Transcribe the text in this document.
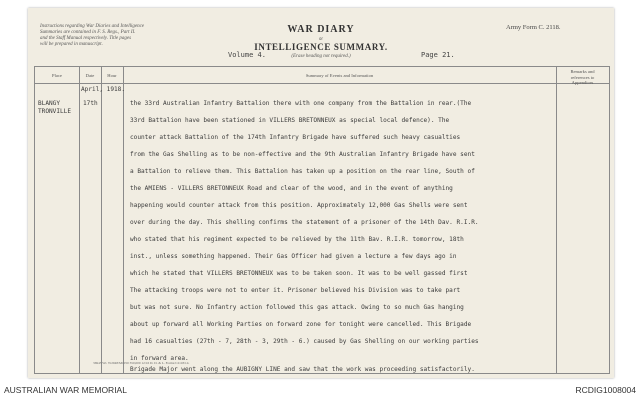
Instructions regarding War Diaries and Intelligence
Summaries are contained in F. S. Regs., Part II.
and the Staff Manual respectively. Title pages
will be prepared in manuscript.
WAR DIARY
or
INTELLIGENCE SUMMARY.
(Erase heading not required.)
Volume 4.	Page 21.
Army Form C. 2118.
Place	Date	Hour	Summary of Events and Information
Remarks and
references to
Appendices
April, 1918.
BLANGY
TRONVILLE
17th	the 33rd Australian Infantry Battalion there with one company from the Battalion in rear.(The
33rd Battalion have been stationed in VILLERS BRETONNEUX as special local defence). The
counter attack Battalion of the 174th Infantry Brigade have suffered such heavy casualties
from the Gas Shelling as to be non-effective and the 9th Australian Infantry Brigade have sent
a Battalion to relieve them. This Battalion has taken up a position on the rear line, South of
the AMIENS - VILLERS BRETONNEUX Road and clear of the wood, and in the event of anything
happening would counter attack from this position. Approximately 12,000 Gas Shells were sent
over during the day. This shelling confirms the statement of a prisoner of the 14th Dav. R.I.R.
who stated that his regiment expected to be relieved by the 11th Bav. R.I.R. tomorrow, 18th
inst., unless something happened. Their Gas Officer had given a lecture a few days ago in
which he stated that VILLERS BRETONNEUX was to be taken soon. It was to be well gassed first
The attacking troops were not to enter it. Prisoner believed his Division was to take part
but was not sure. No Infantry action followed this gas attack. Owing to so much Gas hanging
about up forward all Working Parties on forward zone for tonight were cancelled. This Brigade
had 16 casualties (27th - 7, 28th - 3, 29th - 6.) caused by Gas Shelling on our working parties
in forward area.
Brigade Major went along the AUBIGNY LINE and saw that the work was proceeding satisfactorily.
36945 Wt. W2948/M1050 350,000 12/16 D. D. & L. Forms/C2118/14.
AUSTRALIAN WAR MEMORIAL	RCDIG1008004
